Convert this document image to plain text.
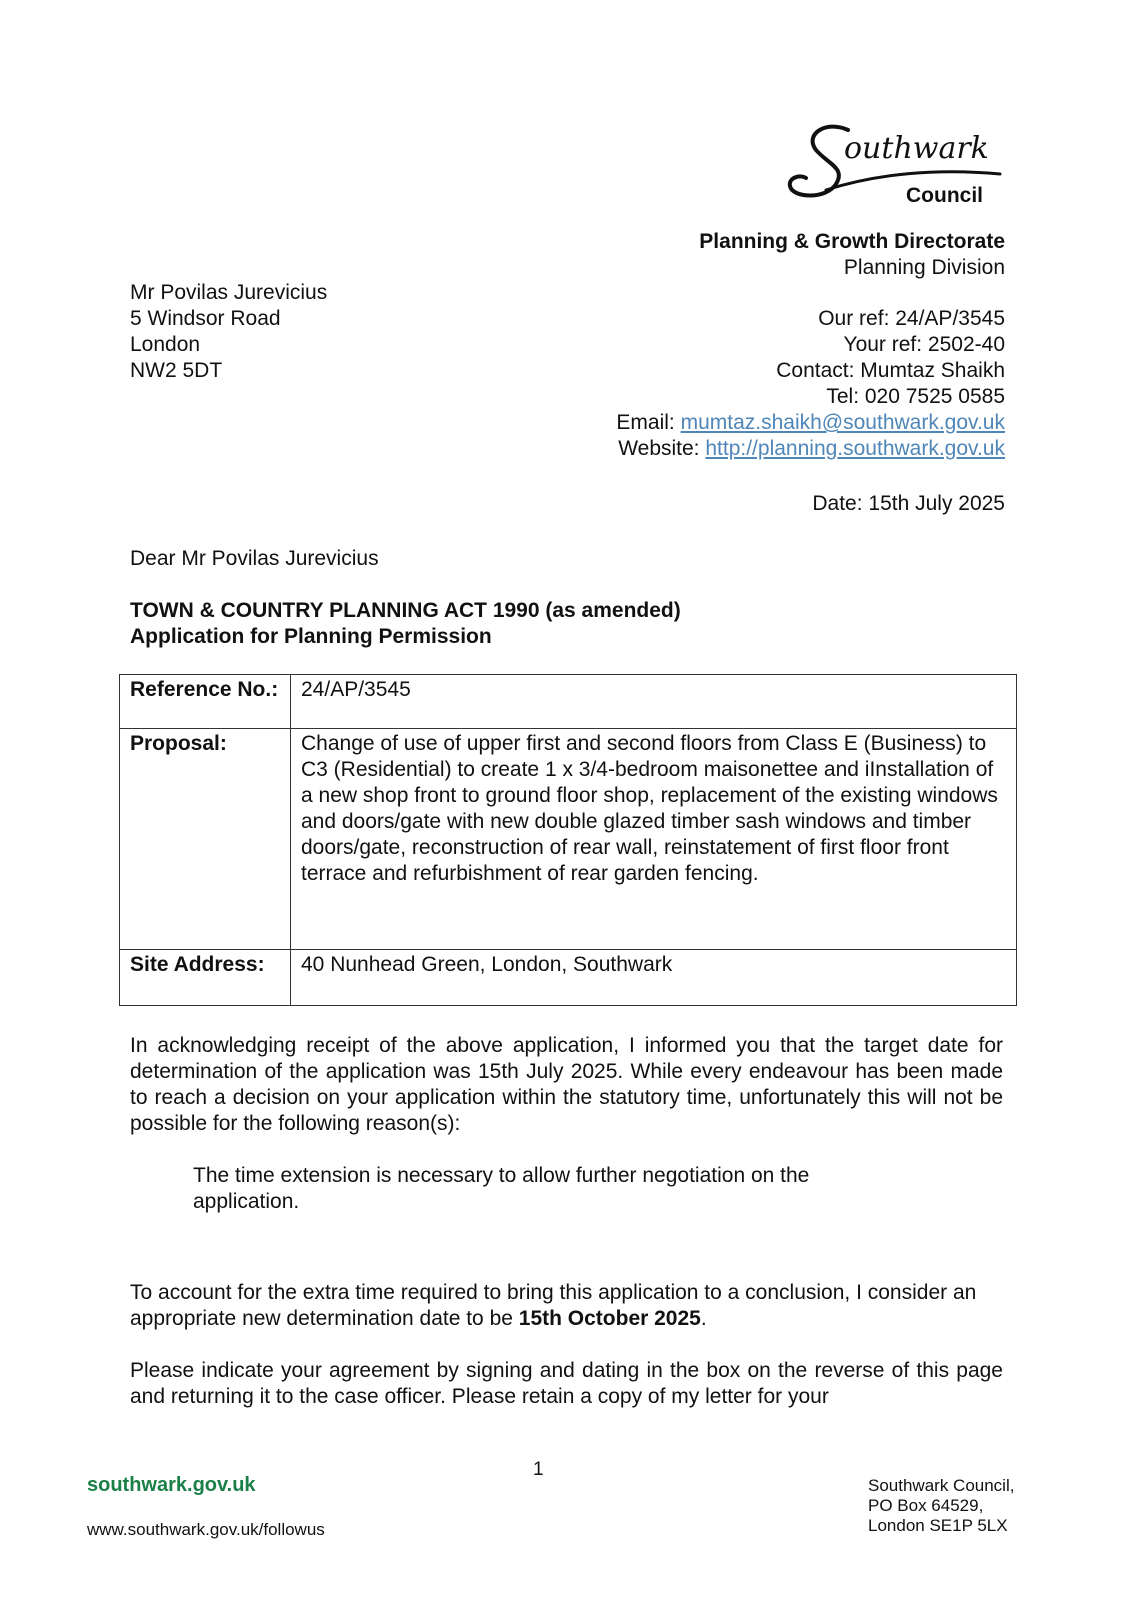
outhwark
Council
Planning & Growth Directorate
Planning Division
Mr Povilas Jurevicius
5 Windsor Road
London
NW2 5DT
Our ref: 24/AP/3545
Your ref: 2502-40
Contact: Mumtaz Shaikh
Tel: 020 7525 0585
Email: mumtaz.shaikh@southwark.gov.uk
Website: http://planning.southwark.gov.uk
Date: 15th July 2025
Dear Mr Povilas Jurevicius
TOWN & COUNTRY PLANNING ACT 1990 (as amended)
Application for Planning Permission
Reference No.:	24/AP/3545
Proposal:	Change of use of upper first and second floors from Class E (Business) to C3 (Residential) to create 1 x 3/4-bedroom maisonettee and iInstallation of a new shop front to ground floor shop, replacement of the existing windows and doors/gate with new double glazed timber sash windows and timber doors/gate, reconstruction of rear wall, reinstatement of first floor front terrace and refurbishment of rear garden fencing.
Site Address:	40 Nunhead Green, London, Southwark
In acknowledging receipt of the above application, I informed you that the target date for determination of the application was 15th July 2025. While every endeavour has been made to reach a decision on your application within the statutory time, unfortunately this will not be possible for the following reason(s):
The time extension is necessary to allow further negotiation on the application.
To account for the extra time required to bring this application to a conclusion, I consider an appropriate new determination date to be 15th October 2025.
Please indicate your agreement by signing and dating in the box on the reverse of this page and returning it to the case officer. Please retain a copy of my letter for your
1
southwark.gov.uk
www.southwark.gov.uk/followus
Southwark Council,
PO Box 64529,
London SE1P 5LX
